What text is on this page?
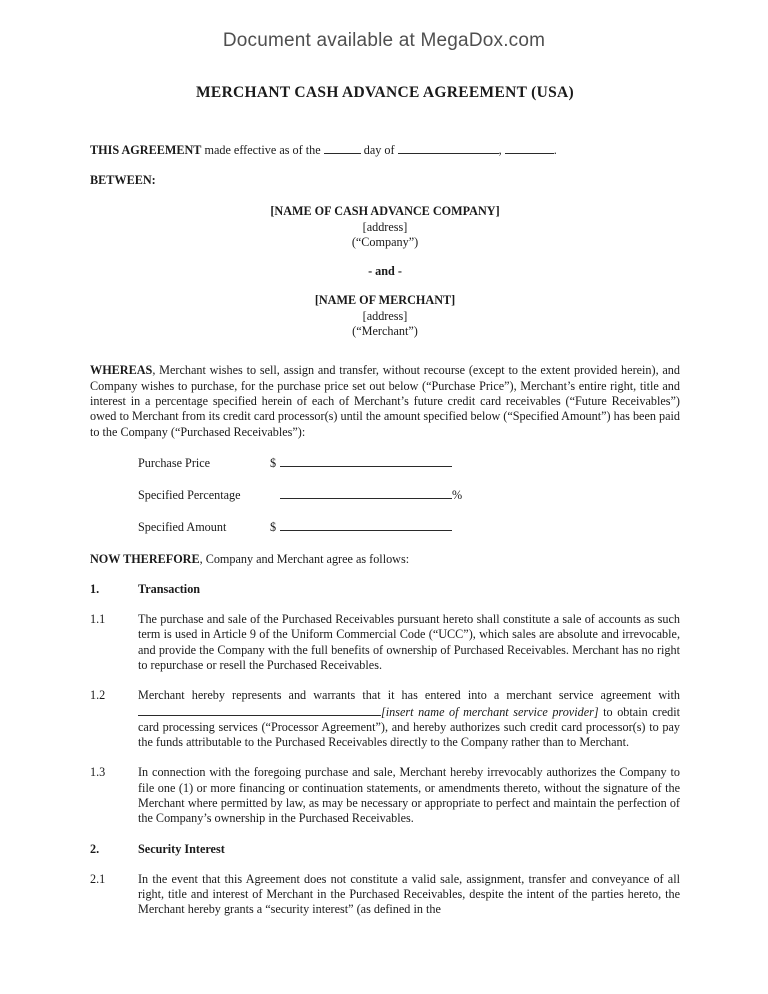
Document available at MegaDox.com
MERCHANT CASH ADVANCE AGREEMENT (USA)

THIS AGREEMENT made effective as of the	day of	,	.

BETWEEN:

[NAME OF CASH ADVANCE COMPANY]
[address]
(“Company”)
- and -
[NAME OF MERCHANT]
[address]
(“Merchant”)

WHEREAS, Merchant wishes to sell, assign and transfer, without recourse (except to the extent provided herein), and Company wishes to purchase, for the purchase price set out below (“Purchase Price”), Merchant’s entire right, title and interest in a percentage specified herein of each of Merchant’s future credit card receivables (“Future Receivables”) owed to Merchant from its credit card processor(s) until the amount specified below (“Specified Amount”) has been paid to the Company (“Purchased Receivables”):

Purchase Price	$
Specified Percentage	%
Specified Amount	$

NOW THEREFORE, Company and Merchant agree as follows:

1.	Transaction
1.1	The purchase and sale of the Purchased Receivables pursuant hereto shall constitute a sale of accounts as such term is used in Article 9 of the Uniform Commercial Code (“UCC”), which sales are absolute and irrevocable, and provide the Company with the full benefits of ownership of Purchased Receivables. Merchant has no right to repurchase or resell the Purchased Receivables.
1.2	Merchant hereby represents and warrants that it has entered into a merchant service agreement with [insert name of merchant service provider] to obtain credit card processing services (“Processor Agreement”), and hereby authorizes such credit card processor(s) to pay the funds attributable to the Purchased Receivables directly to the Company rather than to Merchant.
1.3	In connection with the foregoing purchase and sale, Merchant hereby irrevocably authorizes the Company to file one (1) or more financing or continuation statements, or amendments thereto, without the signature of the Merchant where permitted by law, as may be necessary or appropriate to perfect and maintain the perfection of the Company’s ownership in the Purchased Receivables.
2.	Security Interest
2.1	In the event that this Agreement does not constitute a valid sale, assignment, transfer and conveyance of all right, title and interest of Merchant in the Purchased Receivables, despite the intent of the parties hereto, the Merchant hereby grants a “security interest” (as defined in the
